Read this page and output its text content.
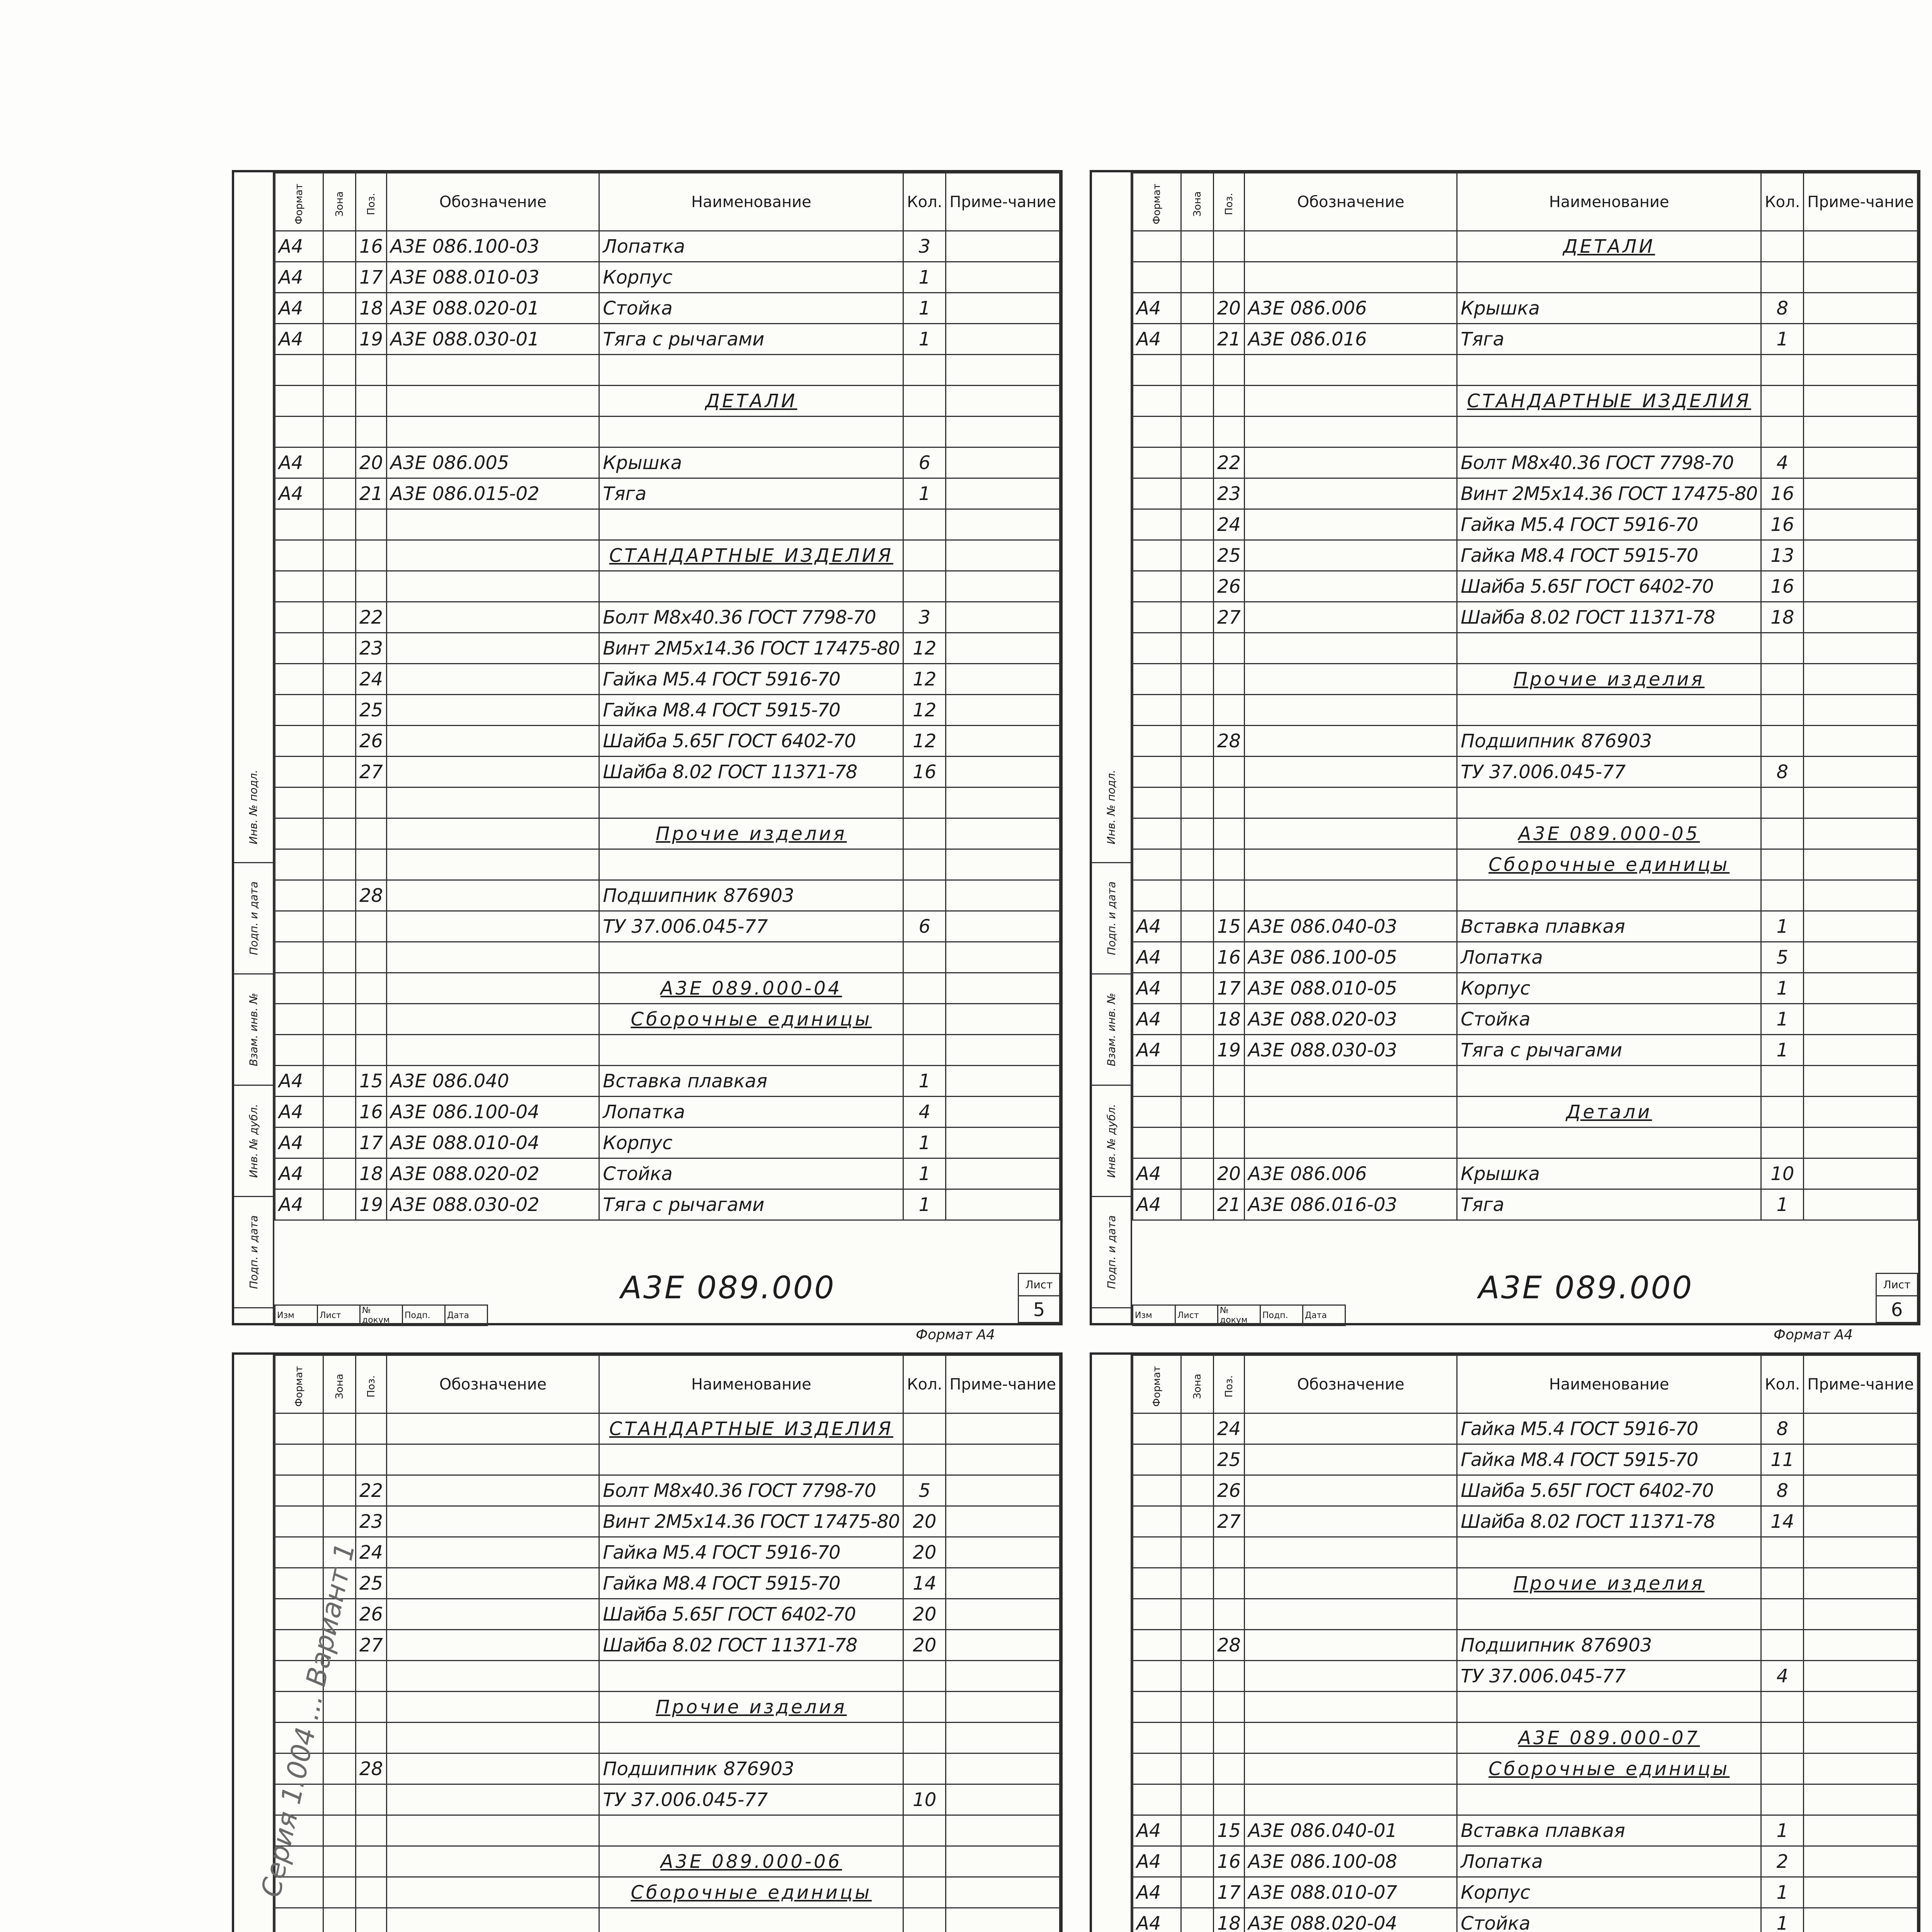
Инв. № подл.
Подп. и дата
Взам. инв. №
Инв. № дубл.
Подп. и дата
Формат	Зона	Поз.	Обозначение	Наименование	Кол.	Приме-чание
А4		16	А3Е 086.100-03	Лопатка	3	
А4		17	А3Е 088.010-03	Корпус	1	
А4		18	А3Е 088.020-01	Стойка	1	
А4		19	А3Е 088.030-01	Тяга с рычагами	1	

				ДЕТАЛИ		

А4		20	А3Е 086.005	Крышка	6	
А4		21	А3Е 086.015-02	Тяга	1	

				СТАНДАРТНЫЕ ИЗДЕЛИЯ		

		22		Болт М8х40.36 ГОСТ 7798-70	3	
		23		Винт 2М5х14.36 ГОСТ 17475-80	12	
		24		Гайка М5.4 ГОСТ 5916-70	12	
		25		Гайка М8.4 ГОСТ 5915-70	12	
		26		Шайба 5.65Г ГОСТ 6402-70	12	
		27		Шайба 8.02 ГОСТ 11371-78	16	

				Прочие изделия		

		28		Подшипник 876903		
				ТУ 37.006.045-77	6	

				А3Е 089.000-04		
				Сборочные единицы		

А4		15	А3Е 086.040	Вставка плавкая	1	
А4		16	А3Е 086.100-04	Лопатка	4	
А4		17	А3Е 088.010-04	Корпус	1	
А4		18	А3Е 088.020-02	Стойка	1	
А4		19	А3Е 088.030-02	Тяга с рычагами	1	
Изм	Лист	№ докум	Подп.	Дата
А3Е 089.000	Лист
5
Формат А4
Инв. № подл.
Подп. и дата
Взам. инв. №
Инв. № дубл.
Подп. и дата
Формат	Зона	Поз.	Обозначение	Наименование	Кол.	Приме-чание
				ДЕТАЛИ		

А4		20	А3Е 086.006	Крышка	8	
А4		21	А3Е 086.016	Тяга	1	

				СТАНДАРТНЫЕ ИЗДЕЛИЯ		

		22		Болт М8х40.36 ГОСТ 7798-70	4	
		23		Винт 2М5х14.36 ГОСТ 17475-80	16	
		24		Гайка М5.4 ГОСТ 5916-70	16	
		25		Гайка М8.4 ГОСТ 5915-70	13	
		26		Шайба 5.65Г ГОСТ 6402-70	16	
		27		Шайба 8.02 ГОСТ 11371-78	18	

				Прочие изделия		

		28		Подшипник 876903		
				ТУ 37.006.045-77	8	

				А3Е 089.000-05		
				Сборочные единицы		

А4		15	А3Е 086.040-03	Вставка плавкая	1	
А4		16	А3Е 086.100-05	Лопатка	5	
А4		17	А3Е 088.010-05	Корпус	1	
А4		18	А3Е 088.020-03	Стойка	1	
А4		19	А3Е 088.030-03	Тяга с рычагами	1	

				Детали		

А4		20	А3Е 086.006	Крышка	10	
А4		21	А3Е 086.016-03	Тяга	1	
Изм	Лист	№ докум	Подп.	Дата
А3Е 089.000	Лист
6
Формат А4
Формат	Зона	Поз.	Обозначение	Наименование	Кол.	Приме-чание
				СТАНДАРТНЫЕ ИЗДЕЛИЯ		

		22		Болт М8х40.36 ГОСТ 7798-70	5	
		23		Винт 2М5х14.36 ГОСТ 17475-80	20	
		24		Гайка М5.4 ГОСТ 5916-70	20	
		25		Гайка М8.4 ГОСТ 5915-70	14	
		26		Шайба 5.65Г ГОСТ 6402-70	20	
		27		Шайба 8.02 ГОСТ 11371-78	20	

				Прочие изделия		

		28		Подшипник 876903		
				ТУ 37.006.045-77	10	

				А3Е 089.000-06		
				Сборочные единицы		

Формат	Зона	Поз.	Обозначение	Наименование	Кол.	Приме-чание
		24		Гайка М5.4 ГОСТ 5916-70	8	
		25		Гайка М8.4 ГОСТ 5915-70	11	
		26		Шайба 5.65Г ГОСТ 6402-70	8	
		27		Шайба 8.02 ГОСТ 11371-78	14	

				Прочие изделия		

		28		Подшипник 876903		
				ТУ 37.006.045-77	4	

				А3Е 089.000-07		
				Сборочные единицы		

А4		15	А3Е 086.040-01	Вставка плавкая	1	
А4		16	А3Е 086.100-08	Лопатка	2	
А4		17	А3Е 088.010-07	Корпус	1	
А4		18	А3Е 088.020-04	Стойка	1	

Серия 1.004 ... Вариант 1
